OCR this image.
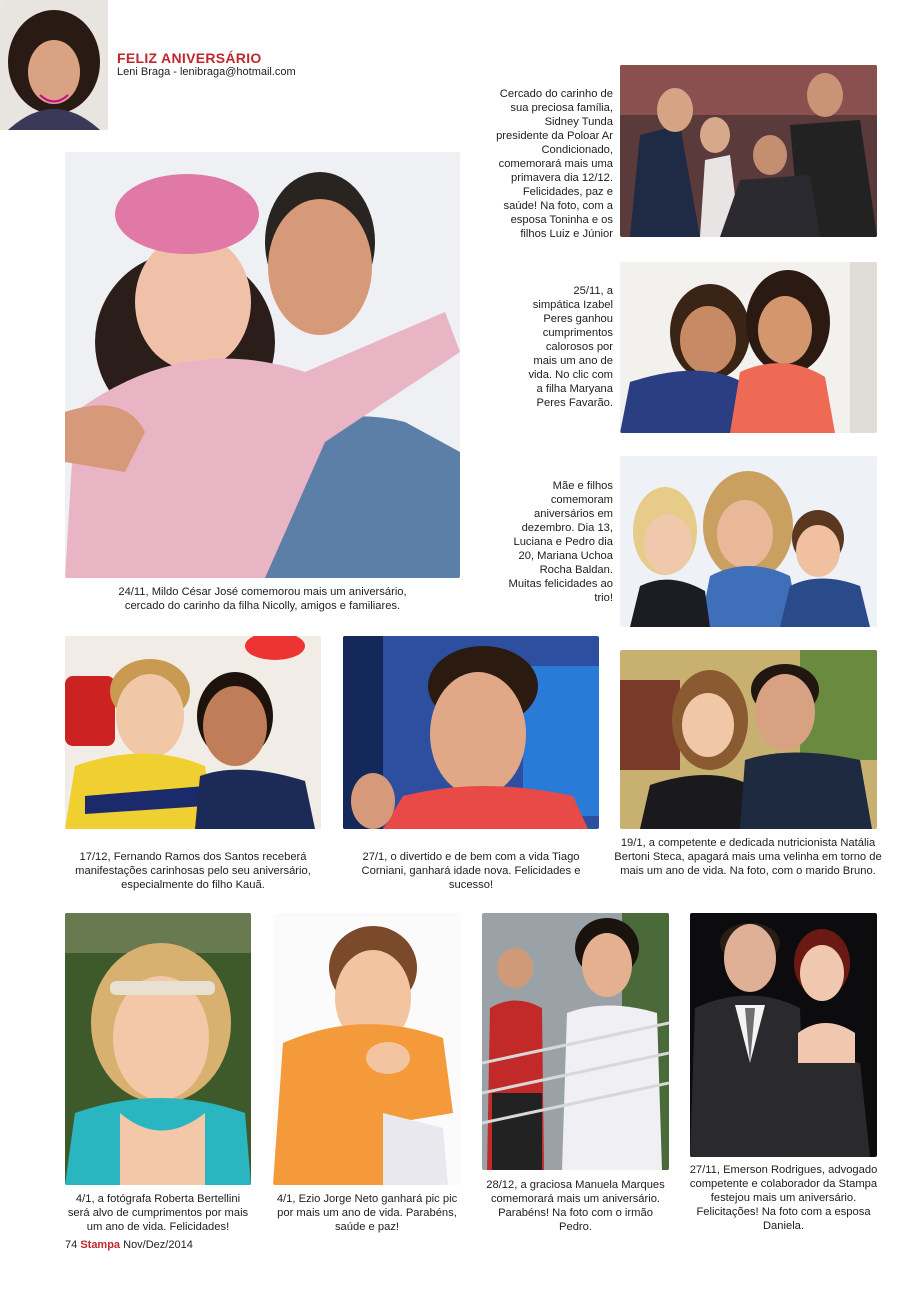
FELIZ ANIVERSÁRIO
Leni Braga - lenibraga@hotmail.com
24/11, Mildo César José comemorou mais um aniversário, cercado do carinho da filha Nicolly, amigos e familiares.
Cercado do carinho de sua preciosa família, Sidney Tunda presidente da Poloar Ar Condicionado, comemorará mais uma primavera dia 12/12. Felicidades, paz e saúde! Na foto, com a esposa Toninha e os filhos Luiz e Júnior
25/11, a simpática Izabel Peres ganhou cumprimentos calorosos por mais um ano de vida. No clic com a filha Maryana Peres Favarão.
Mãe e filhos comemoram aniversários em dezembro. Dia 13, Luciana e Pedro dia 20, Mariana Uchoa Rocha Baldan. Muitas felicidades ao trio!
17/12, Fernando Ramos dos Santos receberá manifestações carinhosas pelo seu aniversário, especialmente do filho Kauã.
27/1, o divertido e de bem com a vida Tiago Corniani, ganhará idade nova. Felicidades e sucesso!
19/1, a competente e dedicada nutricionista Natália Bertoni Steca, apagará mais uma velinha em torno de mais um ano de vida. Na foto, com o marido Bruno.
4/1, a fotógrafa Roberta Bertellini será alvo de cumprimentos por mais um ano de vida. Felicidades!
4/1, Ezio Jorge Neto ganhará pic pic por mais um ano de vida. Parabéns, saúde e paz!
28/12, a graciosa Manuela Marques comemorará mais um aniversário. Parabéns! Na foto com o irmão Pedro.
27/11, Emerson Rodrigues, advogado competente e colaborador da Stampa festejou mais um aniversário. Felicitações! Na foto com a esposa Daniela.
74 Stampa Nov/Dez/2014
